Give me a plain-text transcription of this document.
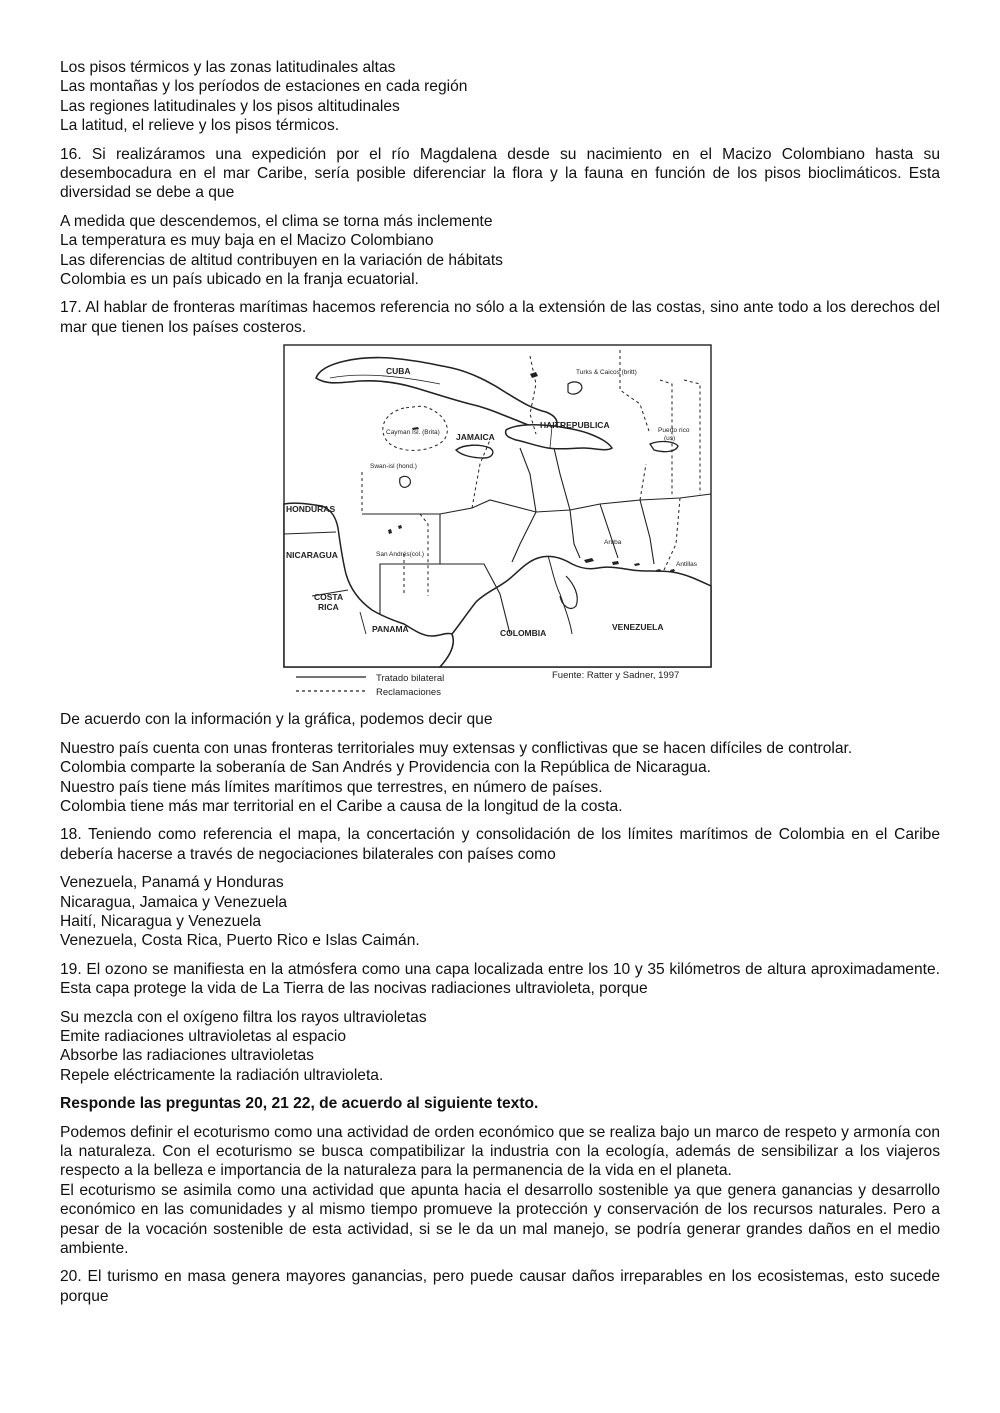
Los pisos térmicos y las zonas latitudinales altas
Las montañas y los períodos de estaciones en cada región
Las regiones latitudinales y los pisos altitudinales
La latitud, el relieve y los pisos térmicos.

16. Si realizáramos una expedición por el río Magdalena desde su nacimiento en el Macizo Colombiano hasta su desembocadura en el mar Caribe, sería posible diferenciar la flora y la fauna en función de los pisos bioclimáticos. Esta diversidad se debe a que

A medida que descendemos, el clima se torna más inclemente
La temperatura es muy baja en el Macizo Colombiano
Las diferencias de altitud contribuyen en la variación de hábitats
Colombia es un país ubicado en la franja ecuatorial.

17. Al hablar de fronteras marítimas hacemos referencia no sólo a la extensión de las costas, sino ante todo a los derechos del mar que tienen los países costeros.

CUBA	Turks & Caicos (britt)
Cayman Isl. (Brita) JAMAICA
HAITI
REPUBLICA
Puerto rico
(us)
Swan-isl (hond.)
HONDURAS
NICARAGUA	San Andrés(col.)
Aruba
Antillas
COSTA
RICA
PANAMA	COLOMBIA
VENEZUELA
Tratado bilateral
Reclamaciones
Fuente: Ratter y Sadner, 1997

De acuerdo con la información y la gráfica, podemos decir que

Nuestro país cuenta con unas fronteras territoriales muy extensas y conflictivas que se hacen difíciles de controlar.
Colombia comparte la soberanía de San Andrés y Providencia con la República de Nicaragua.
Nuestro país tiene más límites marítimos que terrestres, en número de países.
Colombia tiene más mar territorial en el Caribe a causa de la longitud de la costa.

18. Teniendo como referencia el mapa, la concertación y consolidación de los límites marítimos de Colombia en el Caribe debería hacerse a través de negociaciones bilaterales con países como

Venezuela, Panamá y Honduras
Nicaragua, Jamaica y Venezuela
Haití, Nicaragua y Venezuela
Venezuela, Costa Rica, Puerto Rico e Islas Caimán.

19. El ozono se manifiesta en la atmósfera como una capa localizada entre los 10 y 35 kilómetros de altura aproximadamente. Esta capa protege la vida de La Tierra de las nocivas radiaciones ultravioleta, porque

Su mezcla con el oxígeno filtra los rayos ultravioletas
Emite radiaciones ultravioletas al espacio
Absorbe las radiaciones ultravioletas
Repele eléctricamente la radiación ultravioleta.

Responde las preguntas 20, 21 22, de acuerdo al siguiente texto.

Podemos definir el ecoturismo como una actividad de orden económico que se realiza bajo un marco de respeto y armonía con la naturaleza. Con el ecoturismo se busca compatibilizar la industria con la ecología, además de sensibilizar a los viajeros respecto a la belleza e importancia de la naturaleza para la permanencia de la vida en el planeta.

El ecoturismo se asimila como una actividad que apunta hacia el desarrollo sostenible ya que genera ganancias y desarrollo económico en las comunidades y al mismo tiempo promueve la protección y conservación de los recursos naturales. Pero a pesar de la vocación sostenible de esta actividad, si se le da un mal manejo, se podría generar grandes daños en el medio ambiente.

20. El turismo en masa genera mayores ganancias, pero puede causar daños irreparables en los ecosistemas, esto sucede porque
